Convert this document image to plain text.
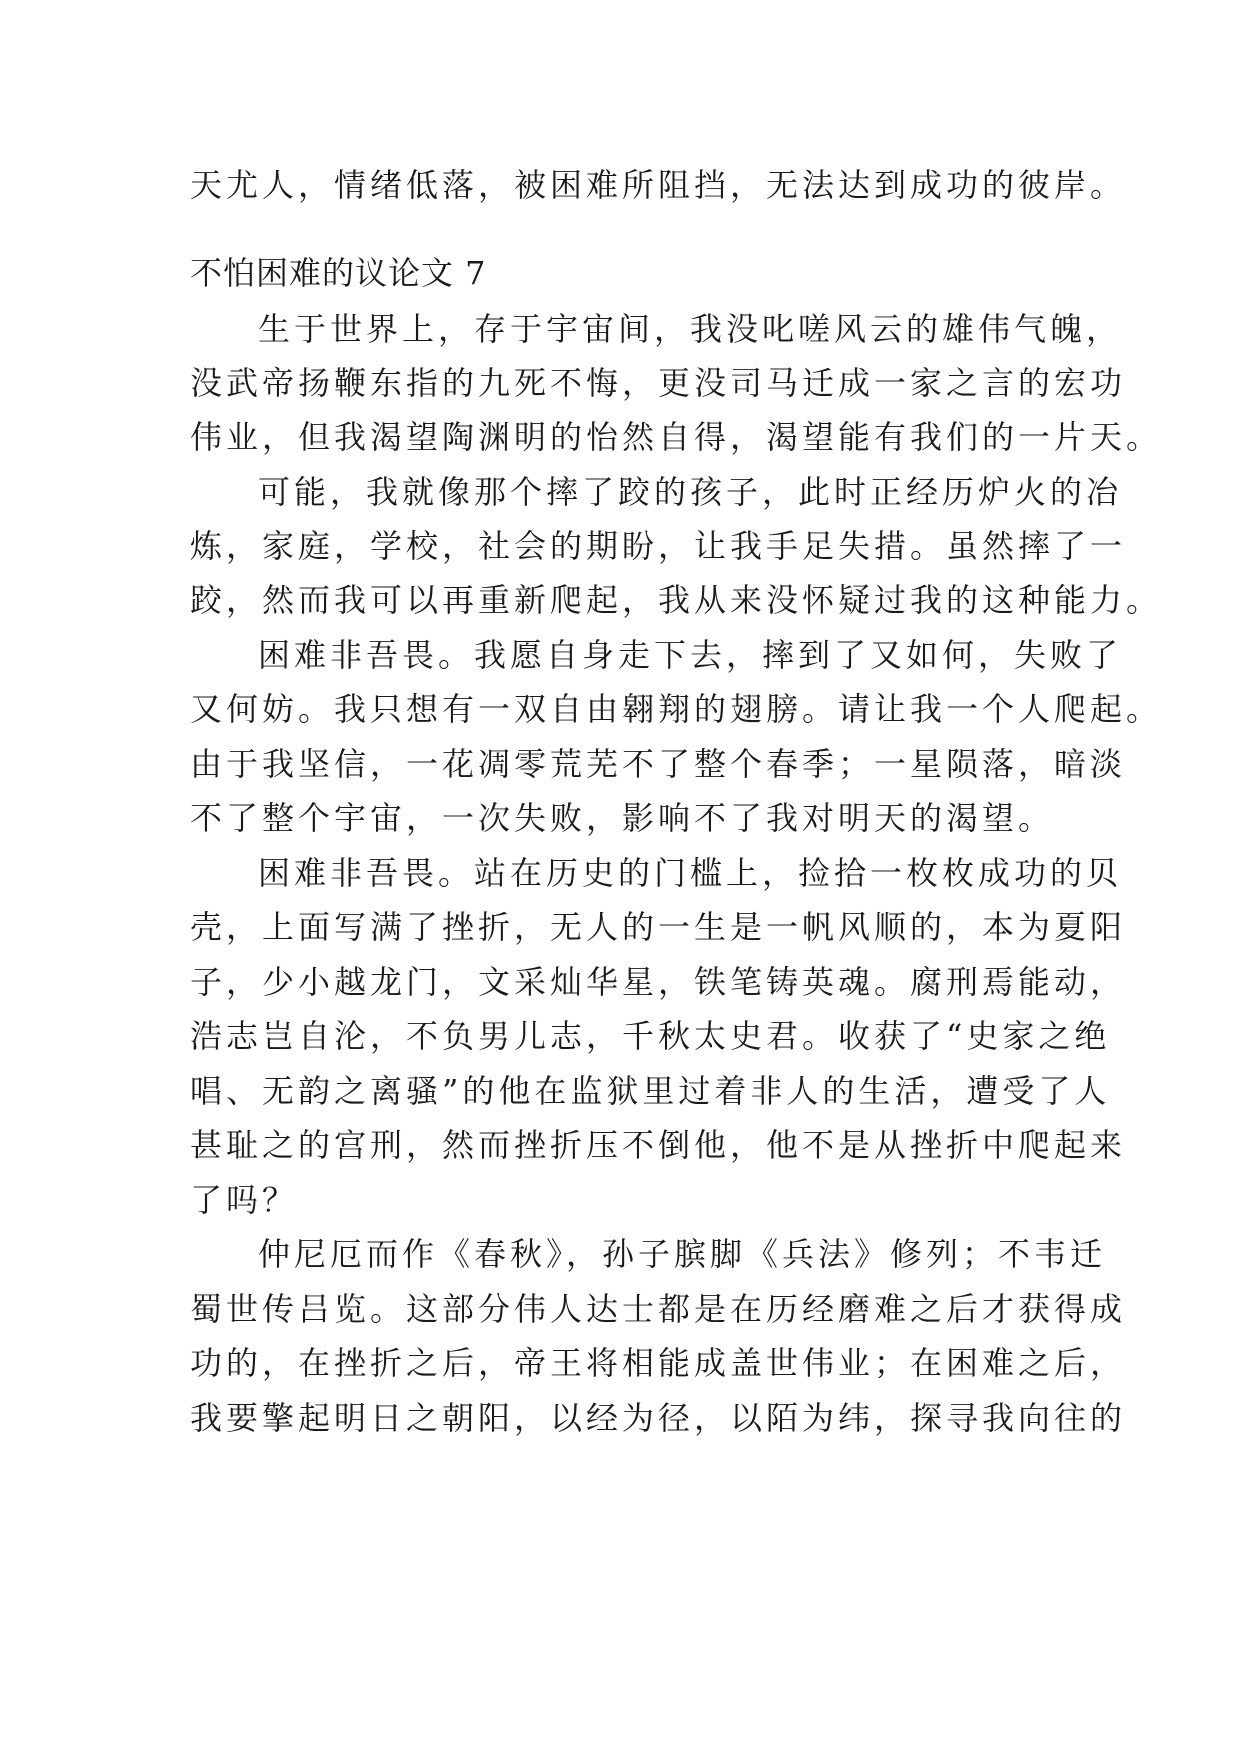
天尤人，情绪低落，被困难所阻挡，无法达到成功的彼岸。
不怕困难的议论文 7
生于世界上，存于宇宙间，我没叱嗟风云的雄伟气魄，
没武帝扬鞭东指的九死不悔，更没司马迁成一家之言的宏功
伟业，但我渴望陶渊明的怡然自得，渴望能有我们的一片天。
可能，我就像那个摔了跤的孩子，此时正经历炉火的冶
炼，家庭，学校，社会的期盼，让我手足失措。虽然摔了一
跤，然而我可以再重新爬起，我从来没怀疑过我的这种能力。
困难非吾畏。我愿自身走下去，摔到了又如何，失败了
又何妨。我只想有一双自由翱翔的翅膀。请让我一个人爬起。
由于我坚信，一花凋零荒芜不了整个春季；一星陨落，暗淡
不了整个宇宙，一次失败，影响不了我对明天的渴望。
困难非吾畏。站在历史的门槛上，捡拾一枚枚成功的贝
壳，上面写满了挫折，无人的一生是一帆风顺的，本为夏阳
子，少小越龙门，文采灿华星，铁笔铸英魂。腐刑焉能动，
浩志岂自沦，不负男儿志，千秋太史君。收获了“史家之绝
唱、无韵之离骚”的他在监狱里过着非人的生活，遭受了人
甚耻之的宫刑，然而挫折压不倒他，他不是从挫折中爬起来
了吗？
仲尼厄而作《春秋》，孙子膑脚《兵法》修列；不韦迁
蜀世传吕览。这部分伟人达士都是在历经磨难之后才获得成
功的，在挫折之后，帝王将相能成盖世伟业；在困难之后，
我要擎起明日之朝阳，以经为径，以陌为纬，探寻我向往的
